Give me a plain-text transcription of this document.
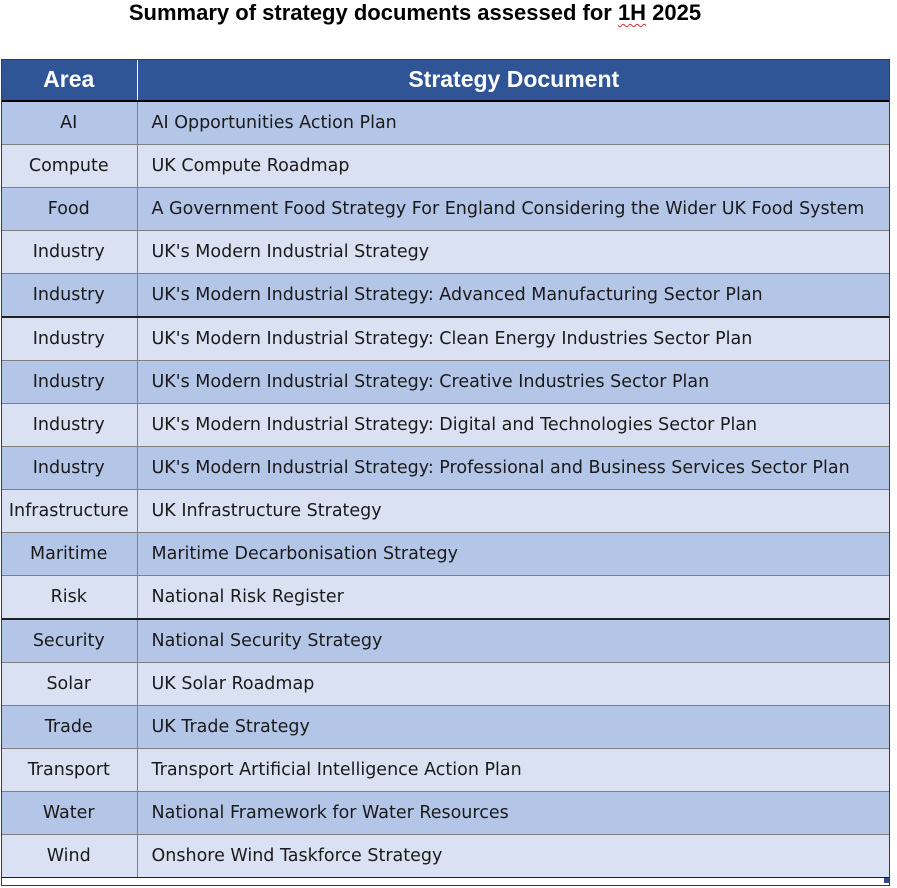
Summary of strategy documents assessed for 1H 2025
Area	Strategy Document
AI	AI Opportunities Action Plan
Compute	UK Compute Roadmap
Food	A Government Food Strategy For England Considering the Wider UK Food System
Industry	UK's Modern Industrial Strategy
Industry	UK's Modern Industrial Strategy: Advanced Manufacturing Sector Plan
Industry	UK's Modern Industrial Strategy: Clean Energy Industries Sector Plan
Industry	UK's Modern Industrial Strategy: Creative Industries Sector Plan
Industry	UK's Modern Industrial Strategy: Digital and Technologies Sector Plan
Industry	UK's Modern Industrial Strategy: Professional and Business Services Sector Plan
Infrastructure	UK Infrastructure Strategy
Maritime	Maritime Decarbonisation Strategy
Risk	National Risk Register
Security	National Security Strategy
Solar	UK Solar Roadmap
Trade	UK Trade Strategy
Transport	Transport Artificial Intelligence Action Plan
Water	National Framework for Water Resources
Wind	Onshore Wind Taskforce Strategy
